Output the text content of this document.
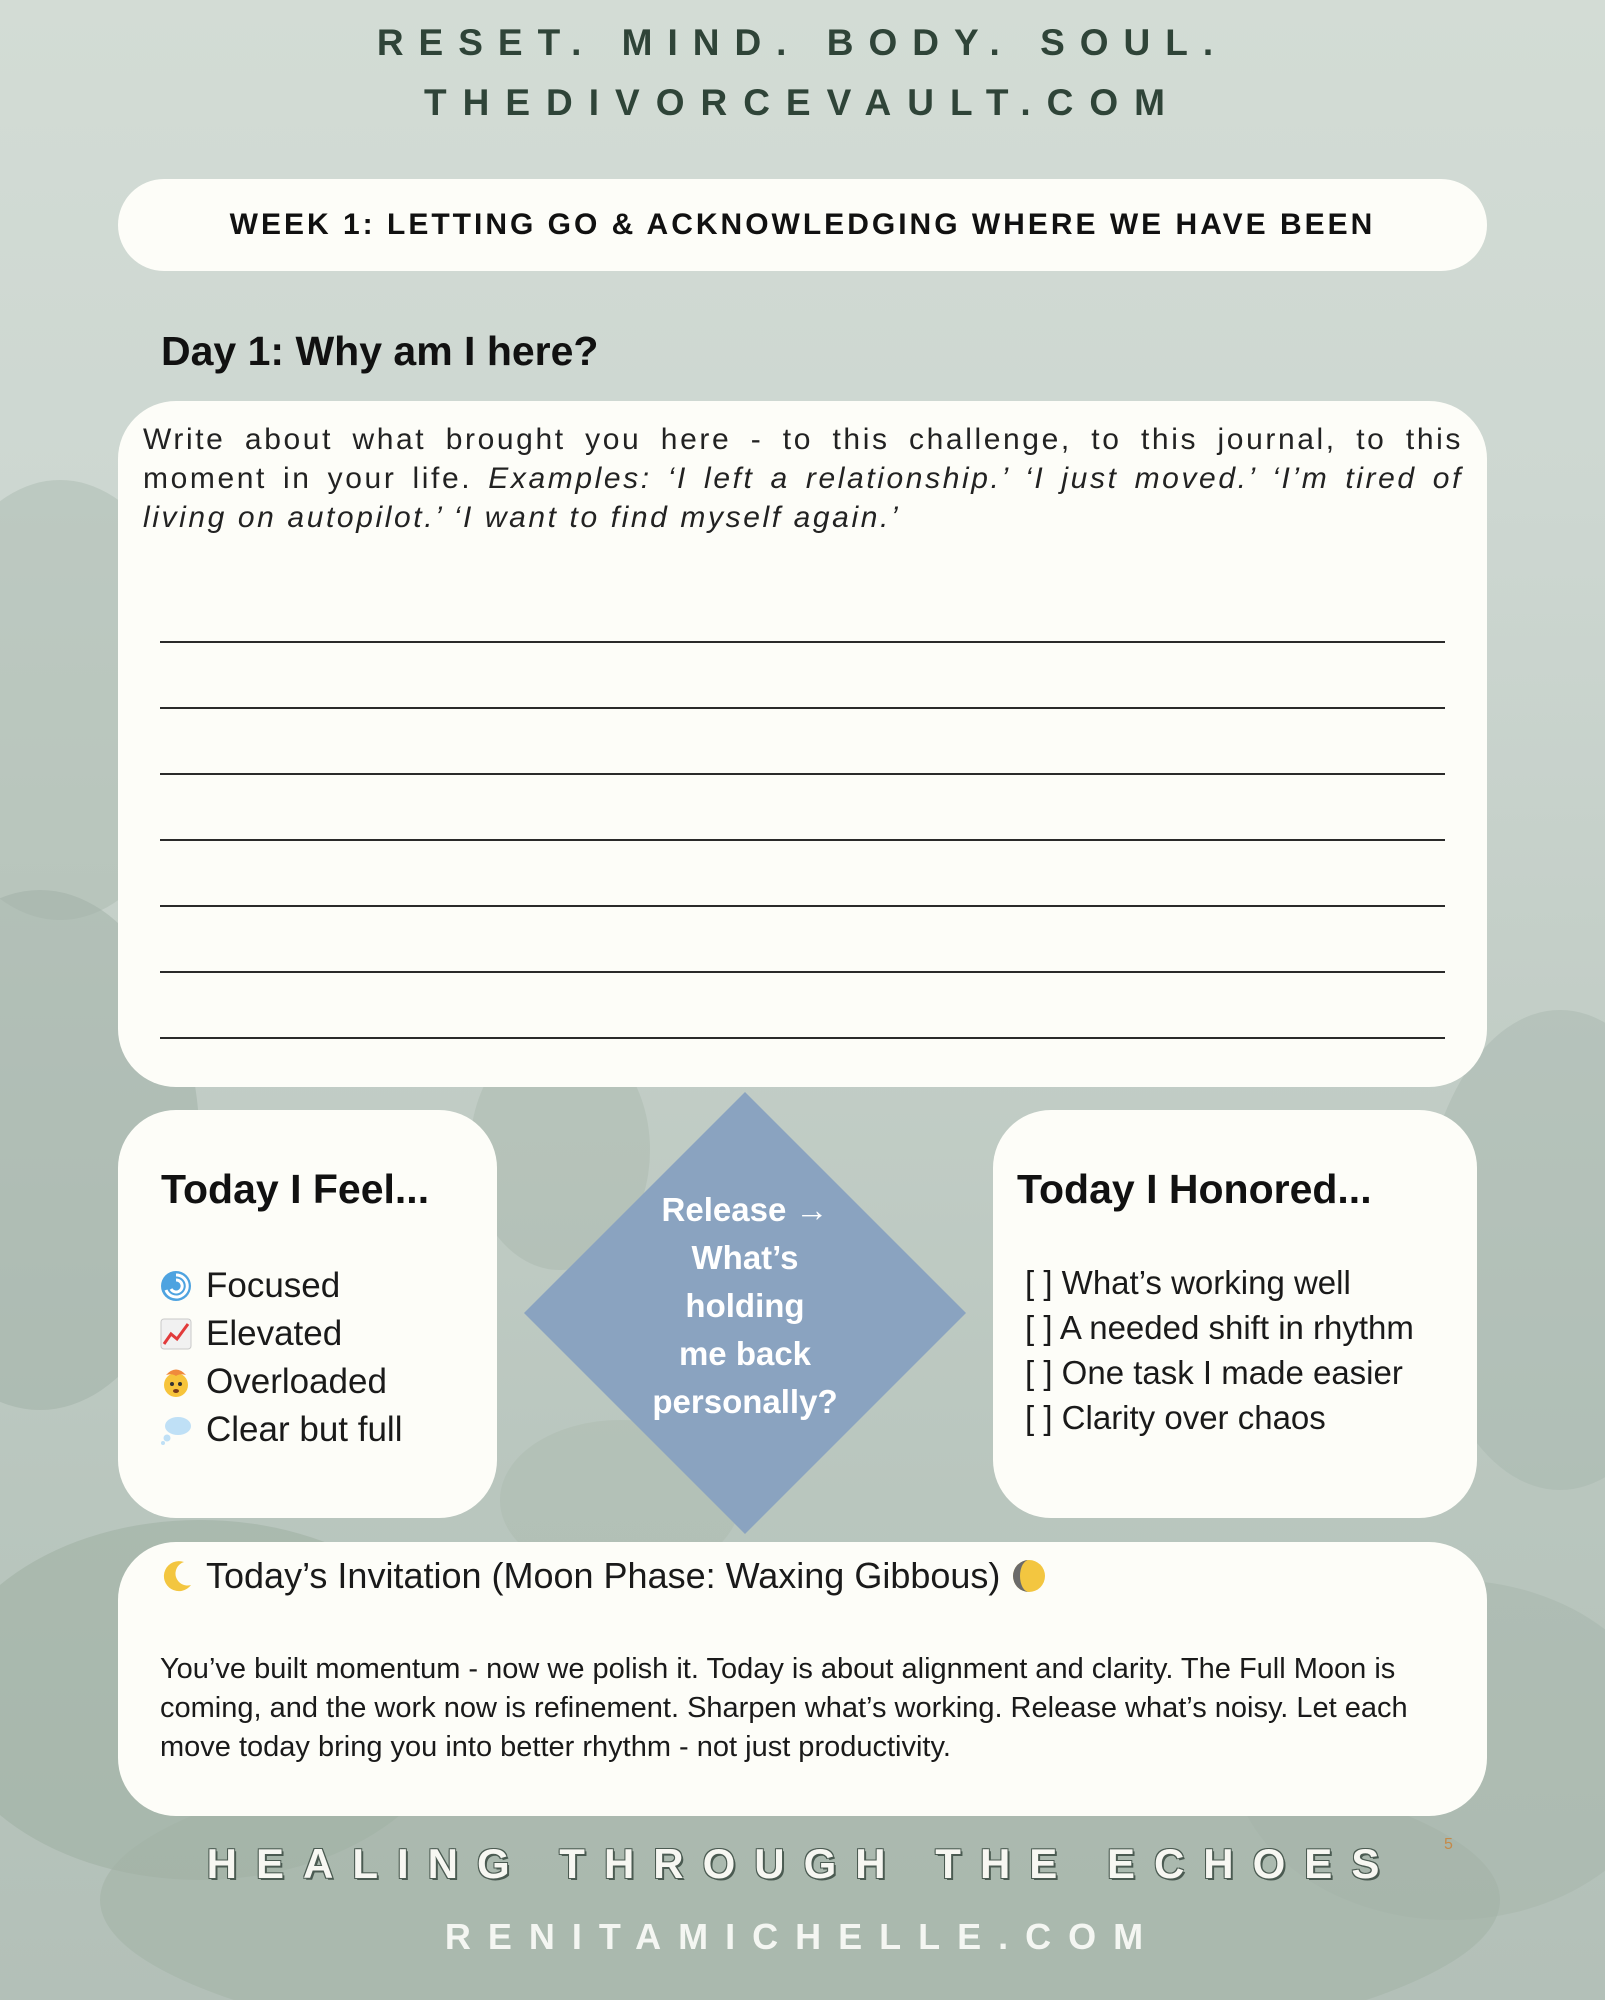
RESET. MIND. BODY. SOUL.
THEDIVORCEVAULT.COM
WEEK 1: LETTING GO & ACKNOWLEDGING WHERE WE HAVE BEEN
Day 1: Why am I here?
Write about what brought you here - to this challenge, to this journal, to this moment in your life. Examples: ‘I left a relationship.’ ‘I just moved.’ ‘I’m tired of living on autopilot.’ ‘I want to find myself again.’
Today I Feel...
Focused
Elevated
Overloaded
Clear but full
Release →
What’s
holding
me back
personally?
Today I Honored...
[ ] What’s working well
[ ] A needed shift in rhythm
[ ] One task I made easier
[ ] Clarity over chaos
Today’s Invitation (Moon Phase: Waxing Gibbous)
You’ve built momentum - now we polish it. Today is about alignment and clarity. The Full Moon is coming, and the work now is refinement. Sharpen what’s working. Release what’s noisy. Let each move today bring you into better rhythm - not just productivity.
HEALING THROUGH THE ECHOES
RENITAMICHELLE.COM
5
